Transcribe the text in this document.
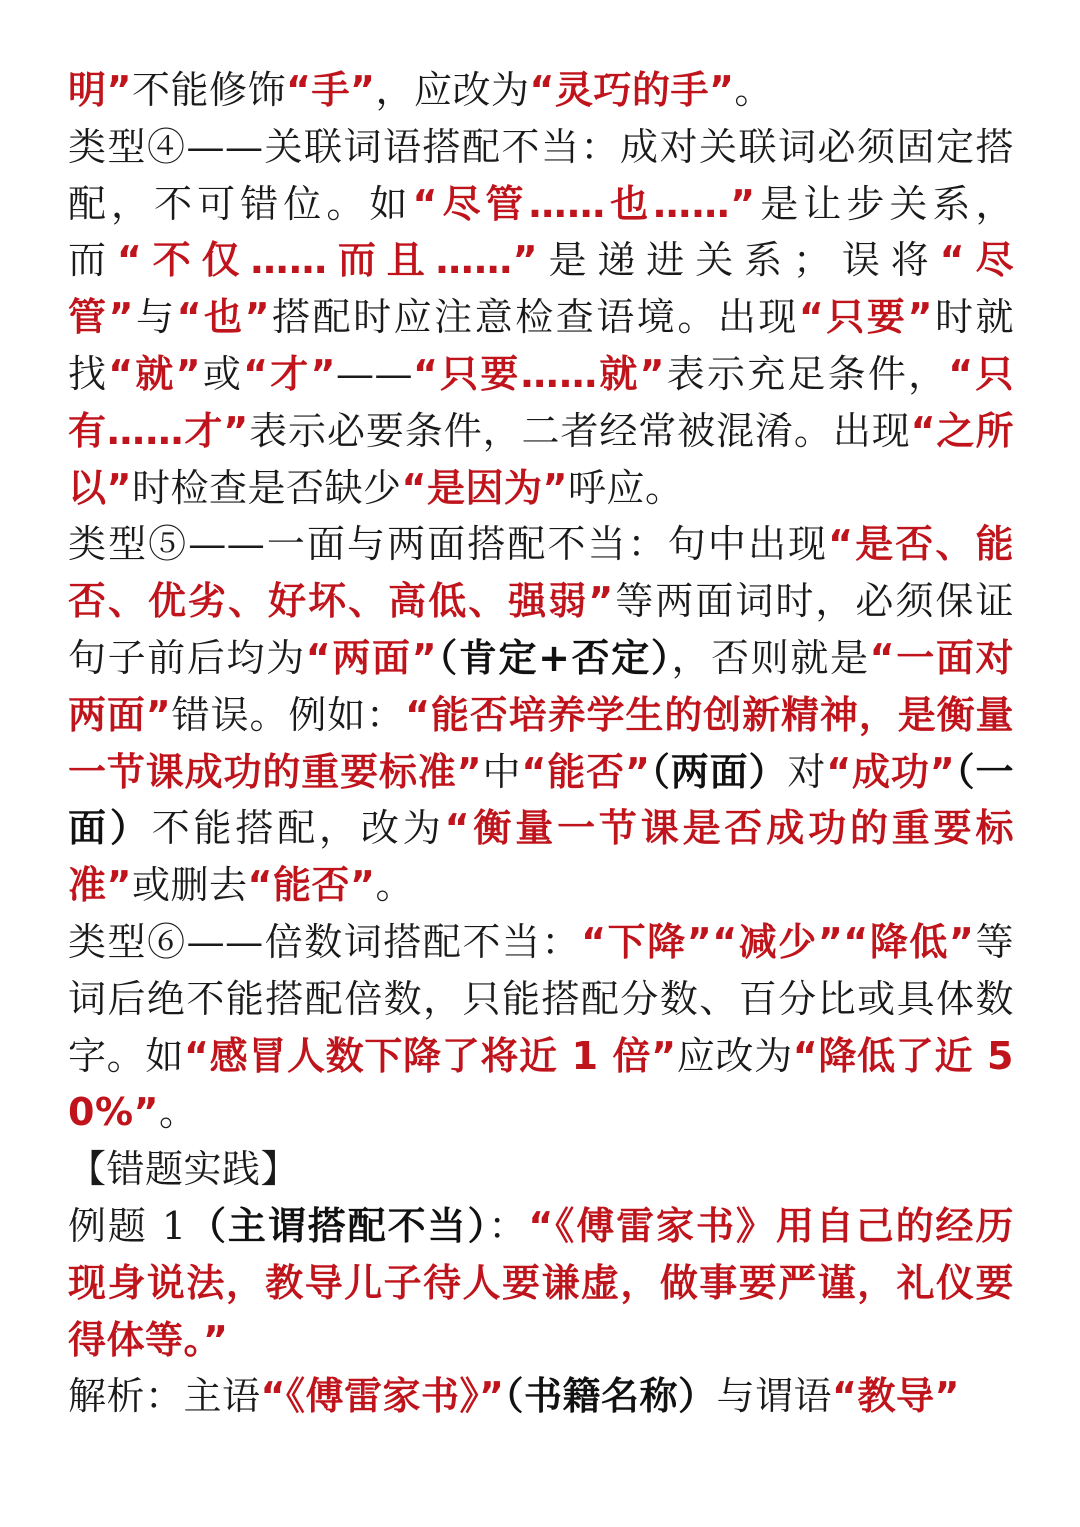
明”不能修饰“手”，应改为“灵巧的手”。

类型④——关联词语搭配不当：成对关联词必须固定搭配，不可错位。如“尽管……也……”是让步关系，而“不仅……而且……”是递进关系；误将“尽管”与“也”搭配时应注意检查语境。出现“只要”时就找“就”或“才”——“只要……就”表示充足条件，“只有……才”表示必要条件，二者经常被混淆。出现“之所以”时检查是否缺少“是因为”呼应。

类型⑤——一面与两面搭配不当：句中出现“是否、能否、优劣、好坏、高低、强弱”等两面词时，必须保证句子前后均为“两面”（肯定+否定），否则就是“一面对两面”错误。例如：“能否培养学生的创新精神，是衡量一节课成功的重要标准”中“能否”（两面）对“成功”（一面）不能搭配，改为“衡量一节课是否成功的重要标准”或删去“能否”。

类型⑥——倍数词搭配不当：“下降”“减少”“降低”等词后绝不能搭配倍数，只能搭配分数、百分比或具体数字。如“感冒人数下降了将近 1 倍”应改为“降低了近 50%”。

【错题实践】

例题 1（主谓搭配不当）：“《傅雷家书》用自己的经历现身说法，教导儿子待人要谦虚，做事要严谨，礼仪要得体等。”

解析：主语“《傅雷家书》”（书籍名称）与谓语“教导”
